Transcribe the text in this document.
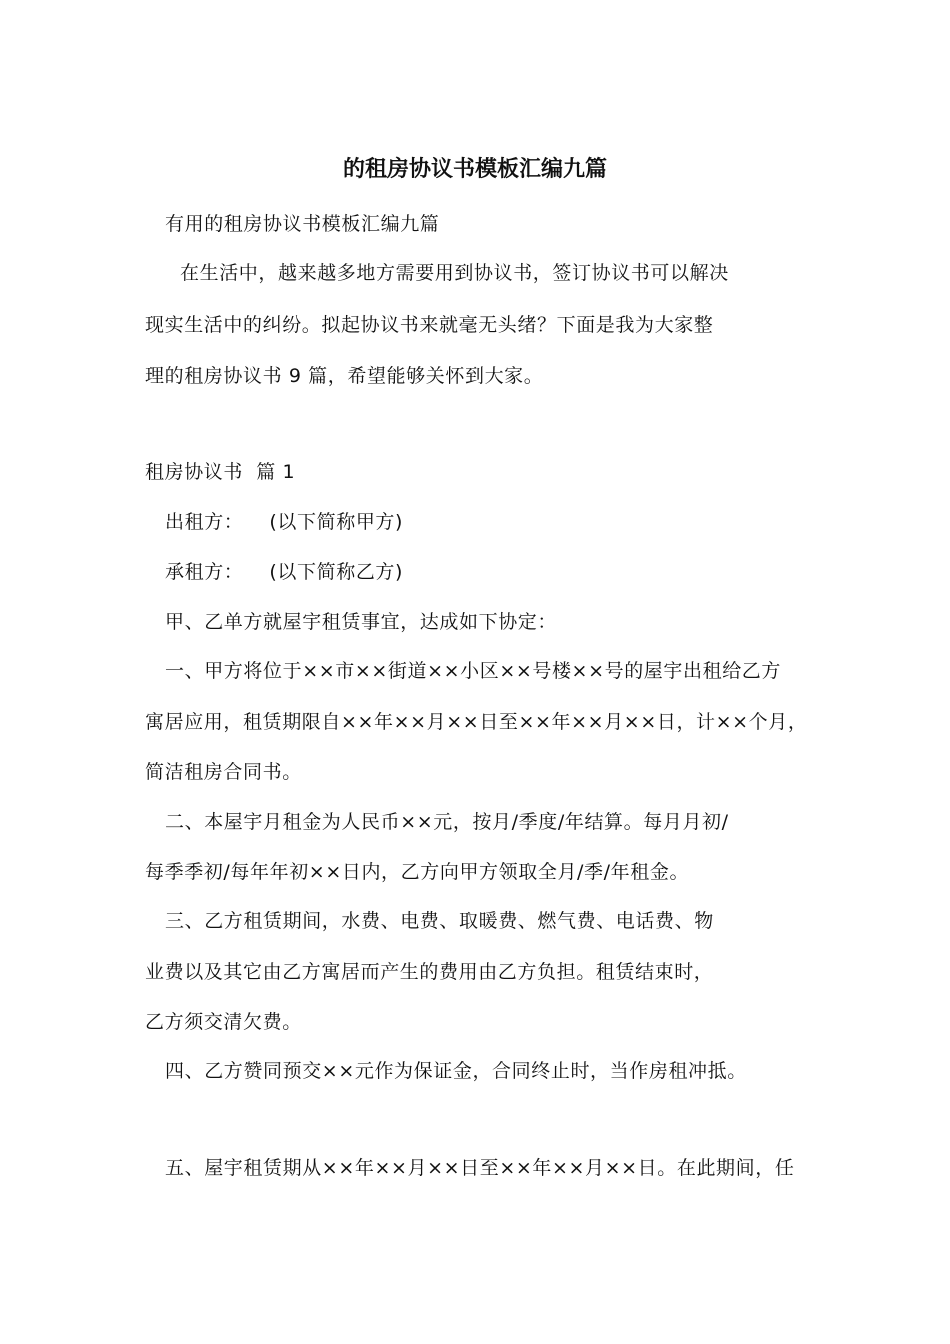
的租房协议书模板汇编九篇
有用的租房协议书模板汇编九篇
在生活中，越来越多地方需要用到协议书，签订协议书可以解决
现实生活中的纠纷。拟起协议书来就毫无头绪？下面是我为大家整
理的租房协议书 9 篇，希望能够关怀到大家。
租房协议书  篇 1
出租方： (以下简称甲方)
承租方： (以下简称乙方)
甲、乙单方就屋宇租赁事宜，达成如下协定：
一、甲方将位于××市××街道××小区××号楼××号的屋宇出租给乙方
寓居应用，租赁期限自××年××月××日至××年××月××日，计××个月，
简洁租房合同书。
二、本屋宇月租金为人民币××元，按月/季度/年结算。每月月初/
每季季初/每年年初××日内，乙方向甲方领取全月/季/年租金。
三、乙方租赁期间，水费、电费、取暖费、燃气费、电话费、物
业费以及其它由乙方寓居而产生的费用由乙方负担。租赁结束时，
乙方须交清欠费。
四、乙方赞同预交××元作为保证金，合同终止时，当作房租冲抵。
五、屋宇租赁期从××年××月××日至××年××月××日。在此期间，任
